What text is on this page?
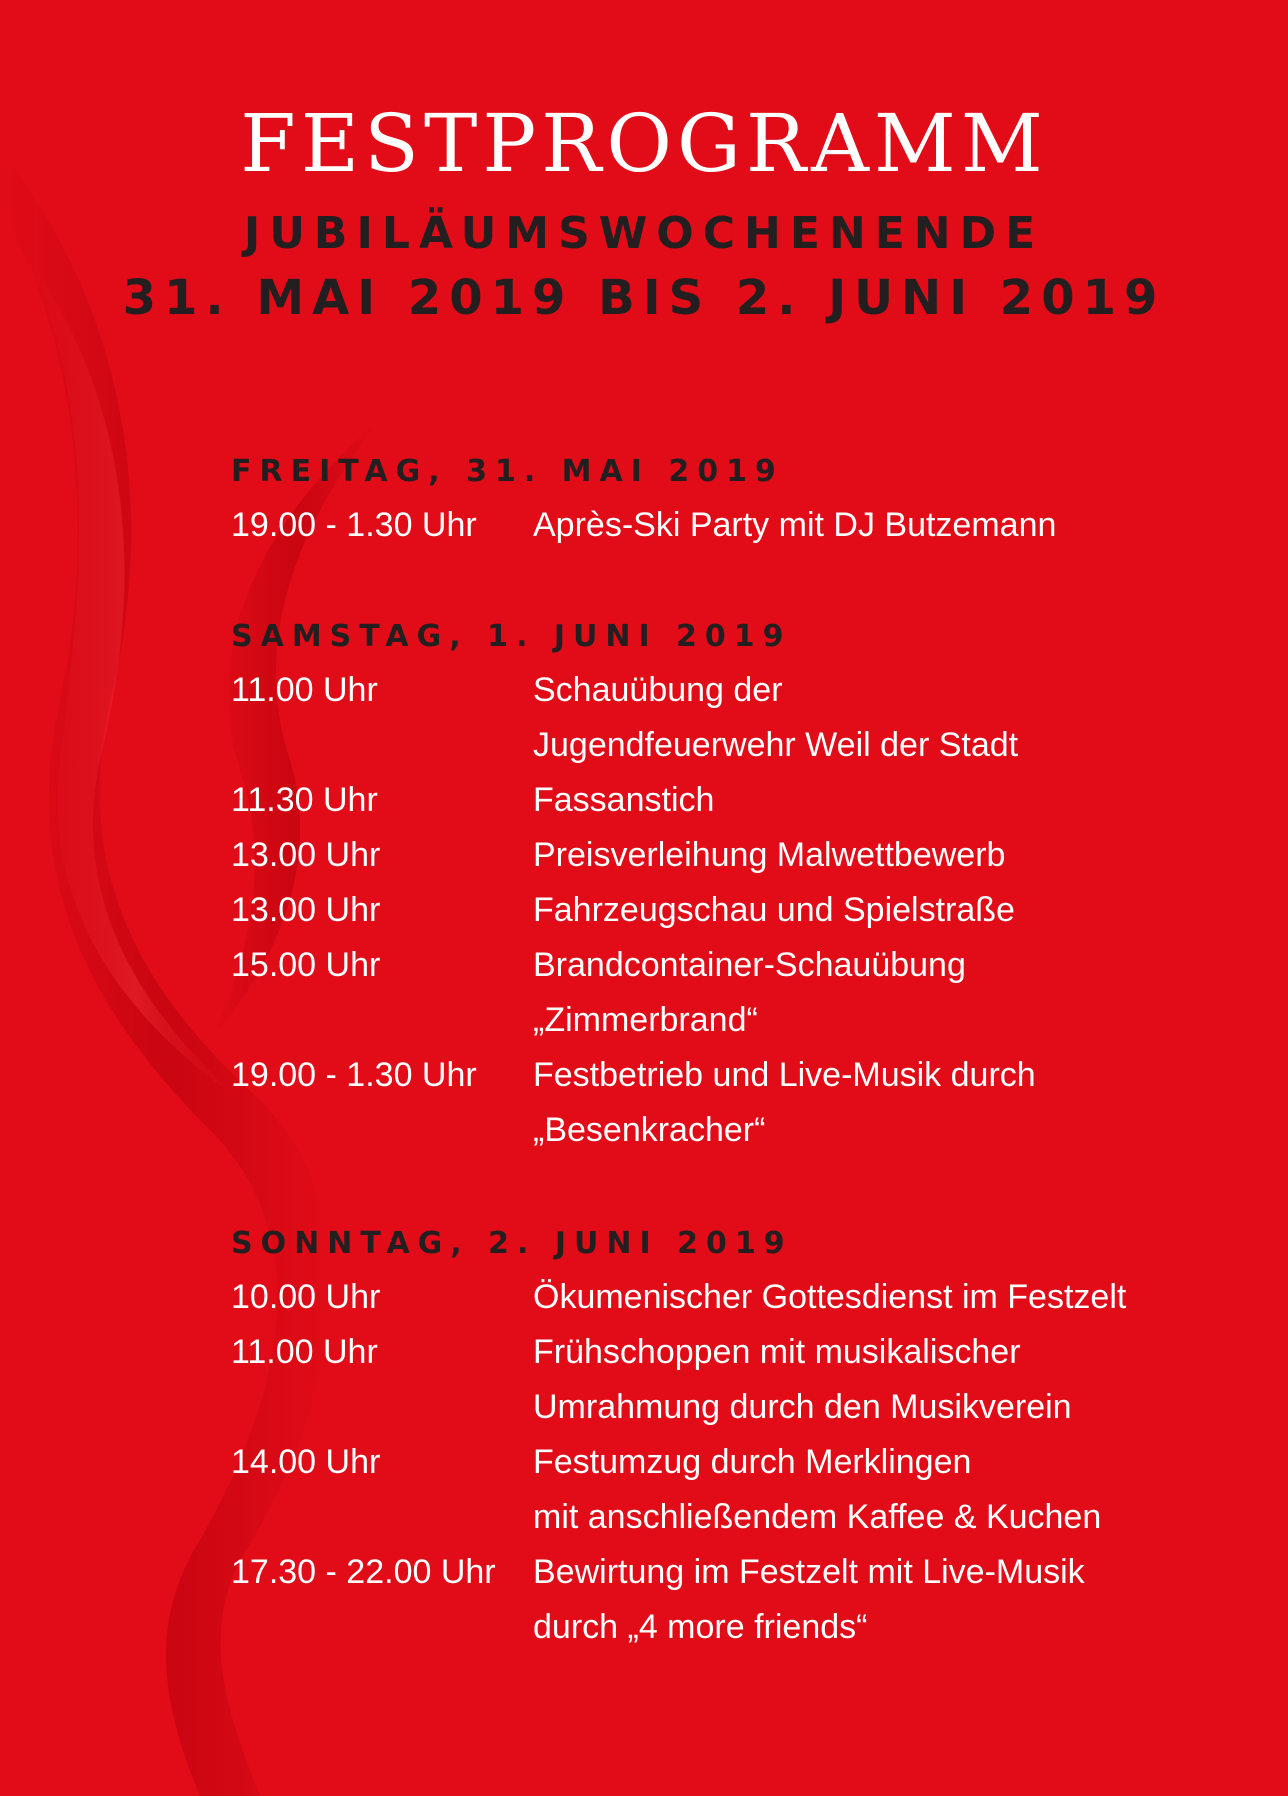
FESTPROGRAMM
JUBILÄUMSWOCHENENDE
31. MAI 2019 BIS 2. JUNI 2019
FREITAG, 31. MAI 2019
19.00 - 1.30 Uhr	Après-Ski Party mit DJ Butzemann
SAMSTAG, 1. JUNI 2019
11.00 Uhr	Schauübung der
Jugendfeuerwehr Weil der Stadt
11.30 Uhr	Fassanstich
13.00 Uhr	Preisverleihung Malwettbewerb
13.00 Uhr	Fahrzeugschau und Spielstraße
15.00 Uhr	Brandcontainer-Schauübung
„Zimmerbrand“
19.00 - 1.30 Uhr	Festbetrieb und Live-Musik durch
„Besenkracher“
SONNTAG, 2. JUNI 2019
10.00 Uhr	Ökumenischer Gottesdienst im Festzelt
11.00 Uhr	Frühschoppen mit musikalischer
Umrahmung durch den Musikverein
14.00 Uhr	Festumzug durch Merklingen
mit anschließendem Kaffee & Kuchen
17.30 - 22.00 Uhr	Bewirtung im Festzelt mit Live-Musik
durch „4 more friends“
